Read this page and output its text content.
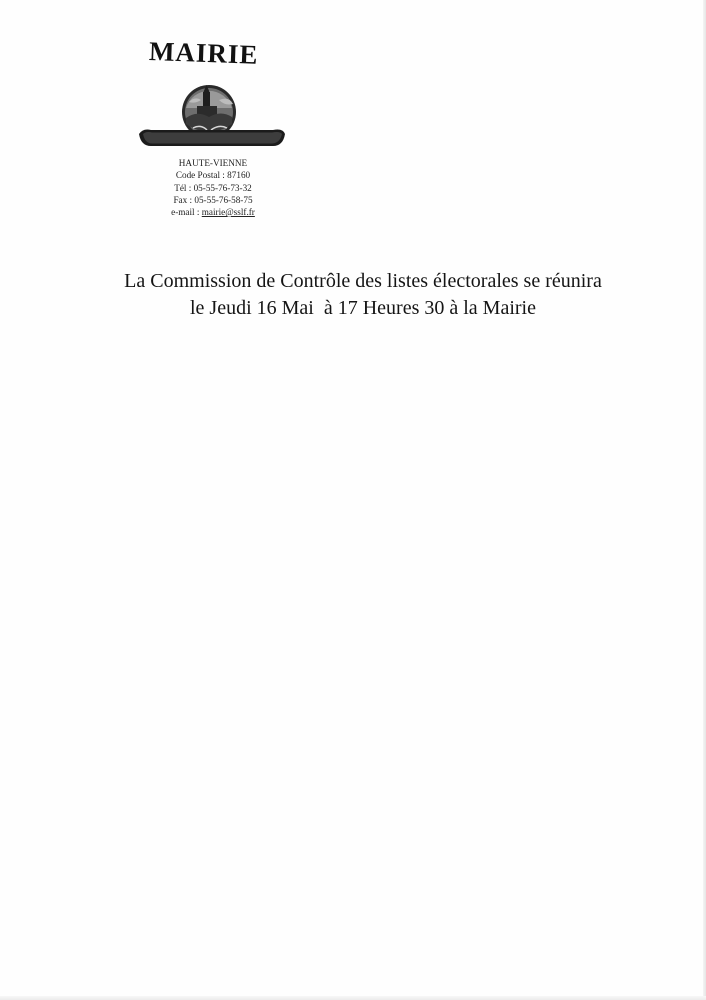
MAIRIE
HAUTE-VIENNE
Code Postal : 87160
Tél : 05-55-76-73-32
Fax : 05-55-76-58-75
e-mail : mairie@sslf.fr
La Commission de Contrôle des listes électorales se réunira
le Jeudi 16 Mai  à 17 Heures 30 à la Mairie
